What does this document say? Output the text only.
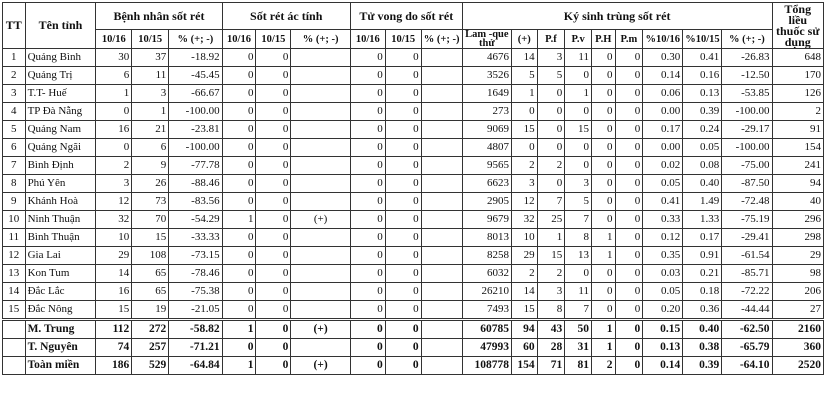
TT	Tên tỉnh	Bệnh nhân sốt rét			Sốt rét ác tính			Tử vong do sốt rét			Ký sinh trùng sốt rét									Tổng liều thuốc sử dụng
		10/16	10/15	% (+; -)	10/16	10/15	% (+; -)	10/16	10/15	% (+; -)	Lam -que thử	(+)	P.f	P.v	P.H	P.m	%10/16	%10/15	% (+; -)	
1	Quảng Bình	30	37	-18.92	0	0		0	0		4676	14	3	11	0	0	0.30	0.41	-26.83	648
2	Quảng Trị	6	11	-45.45	0	0		0	0		3526	5	5	0	0	0	0.14	0.16	-12.50	170
3	T.T- Huế	1	3	-66.67	0	0		0	0		1649	1	0	1	0	0	0.06	0.13	-53.85	126
4	TP Đà Nẵng	0	1	-100.00	0	0		0	0		273	0	0	0	0	0	0.00	0.39	-100.00	2
5	Quảng Nam	16	21	-23.81	0	0		0	0		9069	15	0	15	0	0	0.17	0.24	-29.17	91
6	Quảng Ngãi	0	6	-100.00	0	0		0	0		4807	0	0	0	0	0	0.00	0.05	-100.00	154
7	Bình Định	2	9	-77.78	0	0		0	0		9565	2	2	0	0	0	0.02	0.08	-75.00	241
8	Phú Yên	3	26	-88.46	0	0		0	0		6623	3	0	3	0	0	0.05	0.40	-87.50	94
9	Khánh Hoà	12	73	-83.56	0	0		0	0		2905	12	7	5	0	0	0.41	1.49	-72.48	40
10	Ninh Thuận	32	70	-54.29	1	0	(+)	0	0		9679	32	25	7	0	0	0.33	1.33	-75.19	296
11	Bình Thuận	10	15	-33.33	0	0		0	0		8013	10	1	8	1	0	0.12	0.17	-29.41	298
12	Gia Lai	29	108	-73.15	0	0		0	0		8258	29	15	13	1	0	0.35	0.91	-61.54	29
13	Kon Tum	14	65	-78.46	0	0		0	0		6032	2	2	0	0	0	0.03	0.21	-85.71	98
14	Đắc Lắc	16	65	-75.38	0	0		0	0		26210	14	3	11	0	0	0.05	0.18	-72.22	206
15	Đắc Nông	15	19	-21.05	0	0		0	0		7493	15	8	7	0	0	0.20	0.36	-44.44	27
	M. Trung	112	272	-58.82	1	0	(+)	0	0		60785	94	43	50	1	0	0.15	0.40	-62.50	2160
	T. Nguyên	74	257	-71.21	0	0		0	0		47993	60	28	31	1	0	0.13	0.38	-65.79	360
	Toàn miền	186	529	-64.84	1	0	(+)	0	0		108778	154	71	81	2	0	0.14	0.39	-64.10	2520
